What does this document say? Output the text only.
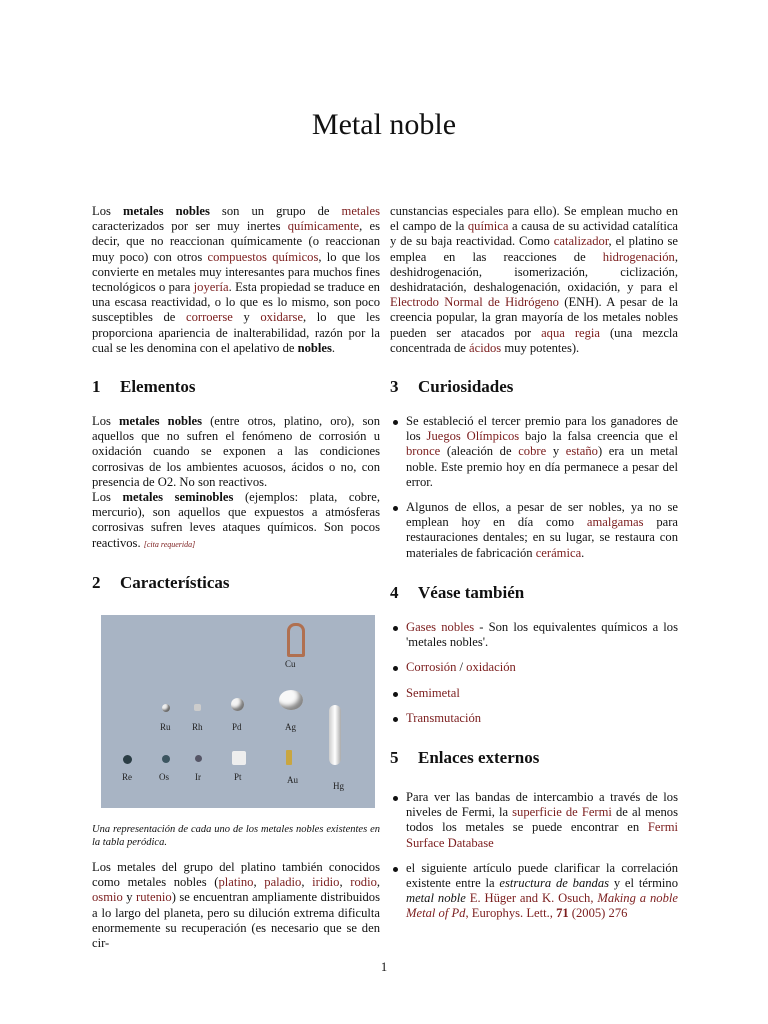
Metal noble
Los metales nobles son un grupo de metales caracterizados por ser muy inertes químicamente, es decir, que no reaccionan químicamente (o reaccionan muy poco) con otros compuestos químicos, lo que los convierte en metales muy interesantes para muchos fines tecnológicos o para joyería. Esta propiedad se traduce en una escasa reactividad, o lo que es lo mismo, son poco susceptibles de corroerse y oxidarse, lo que les proporciona apariencia de inalterabilidad, razón por la cual se les denomina con el apelativo de nobles.
1 Elementos
Los metales nobles (entre otros, platino, oro), son aquellos que no sufren el fenómeno de corrosión u oxidación cuando se exponen a las condiciones corrosivas de los ambientes acuosos, ácidos o no, con presencia de O2. No son reactivos.
Los metales seminobles (ejemplos: plata, cobre, mercurio), son aquellos que expuestos a atmósferas corrosivas sufren leves ataques químicos. Son pocos reactivos. [cita requerida]
2 Características
Cu
Ru Rh	Pd	Ag
Hg
Re	Os	Ir	Pt	Au
Una representación de cada uno de los metales nobles existentes en la tabla peródica.
Los metales del grupo del platino también conocidos como metales nobles (platino, paladio, iridio, rodio, osmio y rutenio) se encuentran ampliamente distribuidos a lo largo del planeta, pero su dilución extrema dificulta enormemente su recuperación (es necesario que se den cir-
cunstancias especiales para ello). Se emplean mucho en el campo de la química a causa de su actividad catalítica y de su baja reactividad. Como catalizador, el platino se emplea en las reacciones de hidrogenación, deshidrogenación, isomerización, ciclización, deshidratación, deshalogenación, oxidación, y para el Electrodo Normal de Hidrógeno (ENH). A pesar de la creencia popular, la gran mayoría de los metales nobles pueden ser atacados por aqua regia (una mezcla concentrada de ácidos muy potentes).
3 Curiosidades
Se estableció el tercer premio para los ganadores de los Juegos Olímpicos bajo la falsa creencia que el bronce (aleación de cobre y estaño) era un metal noble. Este premio hoy en día permanece a pesar del error.
Algunos de ellos, a pesar de ser nobles, ya no se emplean hoy en día como amalgamas para restauraciones dentales; en su lugar, se restaura con materiales de fabricación cerámica.
4 Véase también
Gases nobles - Son los equivalentes químicos a los 'metales nobles'.
Corrosión / oxidación
Semimetal
Transmutación
5 Enlaces externos
Para ver las bandas de intercambio a través de los niveles de Fermi, la superficie de Fermi de al menos todos los metales se puede encontrar en Fermi Surface Database
el siguiente artículo puede clarificar la correlación existente entre la estructura de bandas y el término metal noble E. Hüger and K. Osuch, Making a noble Metal of Pd, Europhys. Lett., 71 (2005) 276
1
